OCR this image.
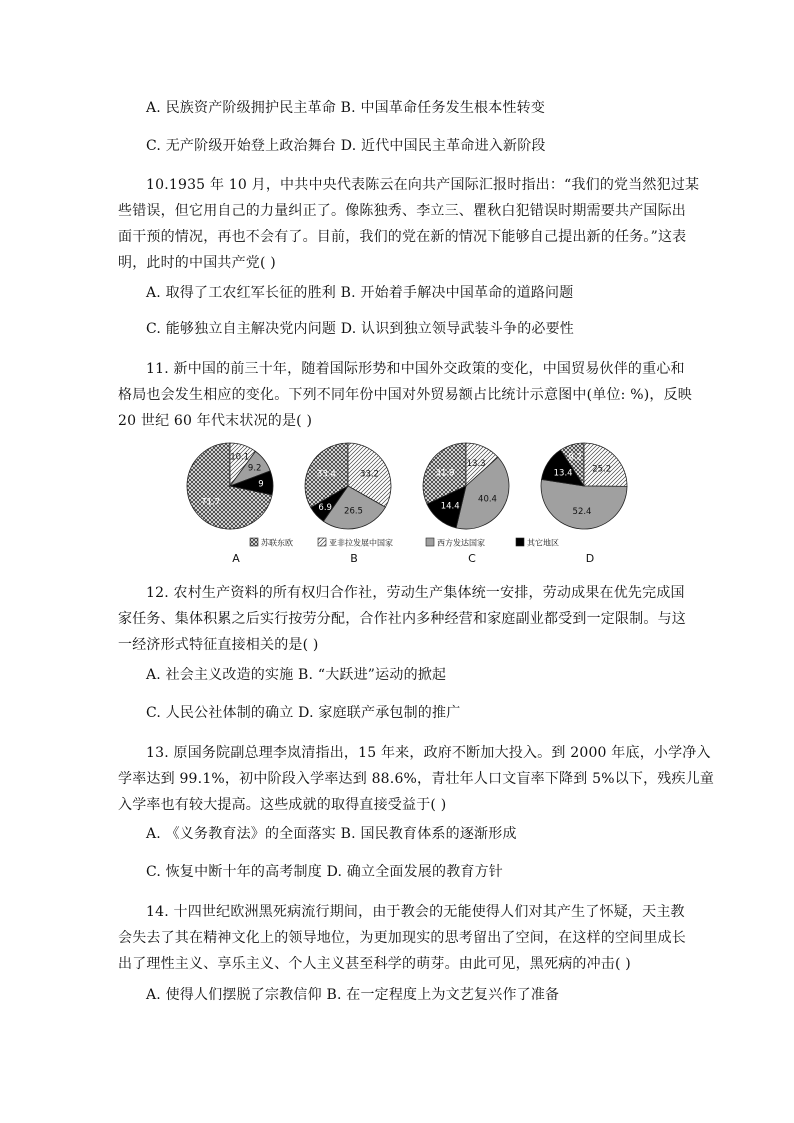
A. 民族资产阶级拥护民主革命 B. 中国革命任务发生根本性转变
C. 无产阶级开始登上政治舞台 D. 近代中国民主革命进入新阶段

10.1935 年 10 月，中共中央代表陈云在向共产国际汇报时指出：“我们的党当然犯过某

些错误，但它用自己的力量纠正了。像陈独秀、李立三、瞿秋白犯错误时期需要共产国际出

面干预的情况，再也不会有了。目前，我们的党在新的情况下能够自己提出新的任务。”这表

明，此时的中国共产党( )

A. 取得了工农红军长征的胜利 B. 开始着手解决中国革命的道路问题
C. 能够独立自主解决党内问题 D. 认识到独立领导武装斗争的必要性

11. 新中国的前三十年，随着国际形势和中国外交政策的变化，中国贸易伙伴的重心和

格局也会发生相应的变化。下列不同年份中国对外贸易额占比统计示意图中(单位: %)，反映

20 世纪 60 年代末状况的是( )

71.7
10.1
9.2
9
A
33.4	33.2
26.5
6.9
B
31.9
13.3
40.4
14.4
C
9.2
25.2
52.4
13.4
D
苏联东欧	亚非拉发展中国家	西方发达国家	其它地区

12. 农村生产资料的所有权归合作社，劳动生产集体统一安排，劳动成果在优先完成国

家任务、集体积累之后实行按劳分配，合作社内多种经营和家庭副业都受到一定限制。与这

一经济形式特征直接相关的是( )

A. 社会主义改造的实施 B. “大跃进”运动的掀起
C. 人民公社体制的确立 D. 家庭联产承包制的推广

13. 原国务院副总理李岚清指出，15 年来，政府不断加大投入。到 2000 年底，小学净入

学率达到 99.1%，初中阶段入学率达到 88.6%，青壮年人口文盲率下降到 5%以下，残疾儿童

入学率也有较大提高。这些成就的取得直接受益于( )

A. 《义务教育法》的全面落实 B. 国民教育体系的逐渐形成
C. 恢复中断十年的高考制度 D. 确立全面发展的教育方针

14. 十四世纪欧洲黑死病流行期间，由于教会的无能使得人们对其产生了怀疑，天主教

会失去了其在精神文化上的领导地位，为更加现实的思考留出了空间，在这样的空间里成长

出了理性主义、享乐主义、个人主义甚至科学的萌芽。由此可见，黑死病的冲击( )

A. 使得人们摆脱了宗教信仰 B. 在一定程度上为文艺复兴作了准备
